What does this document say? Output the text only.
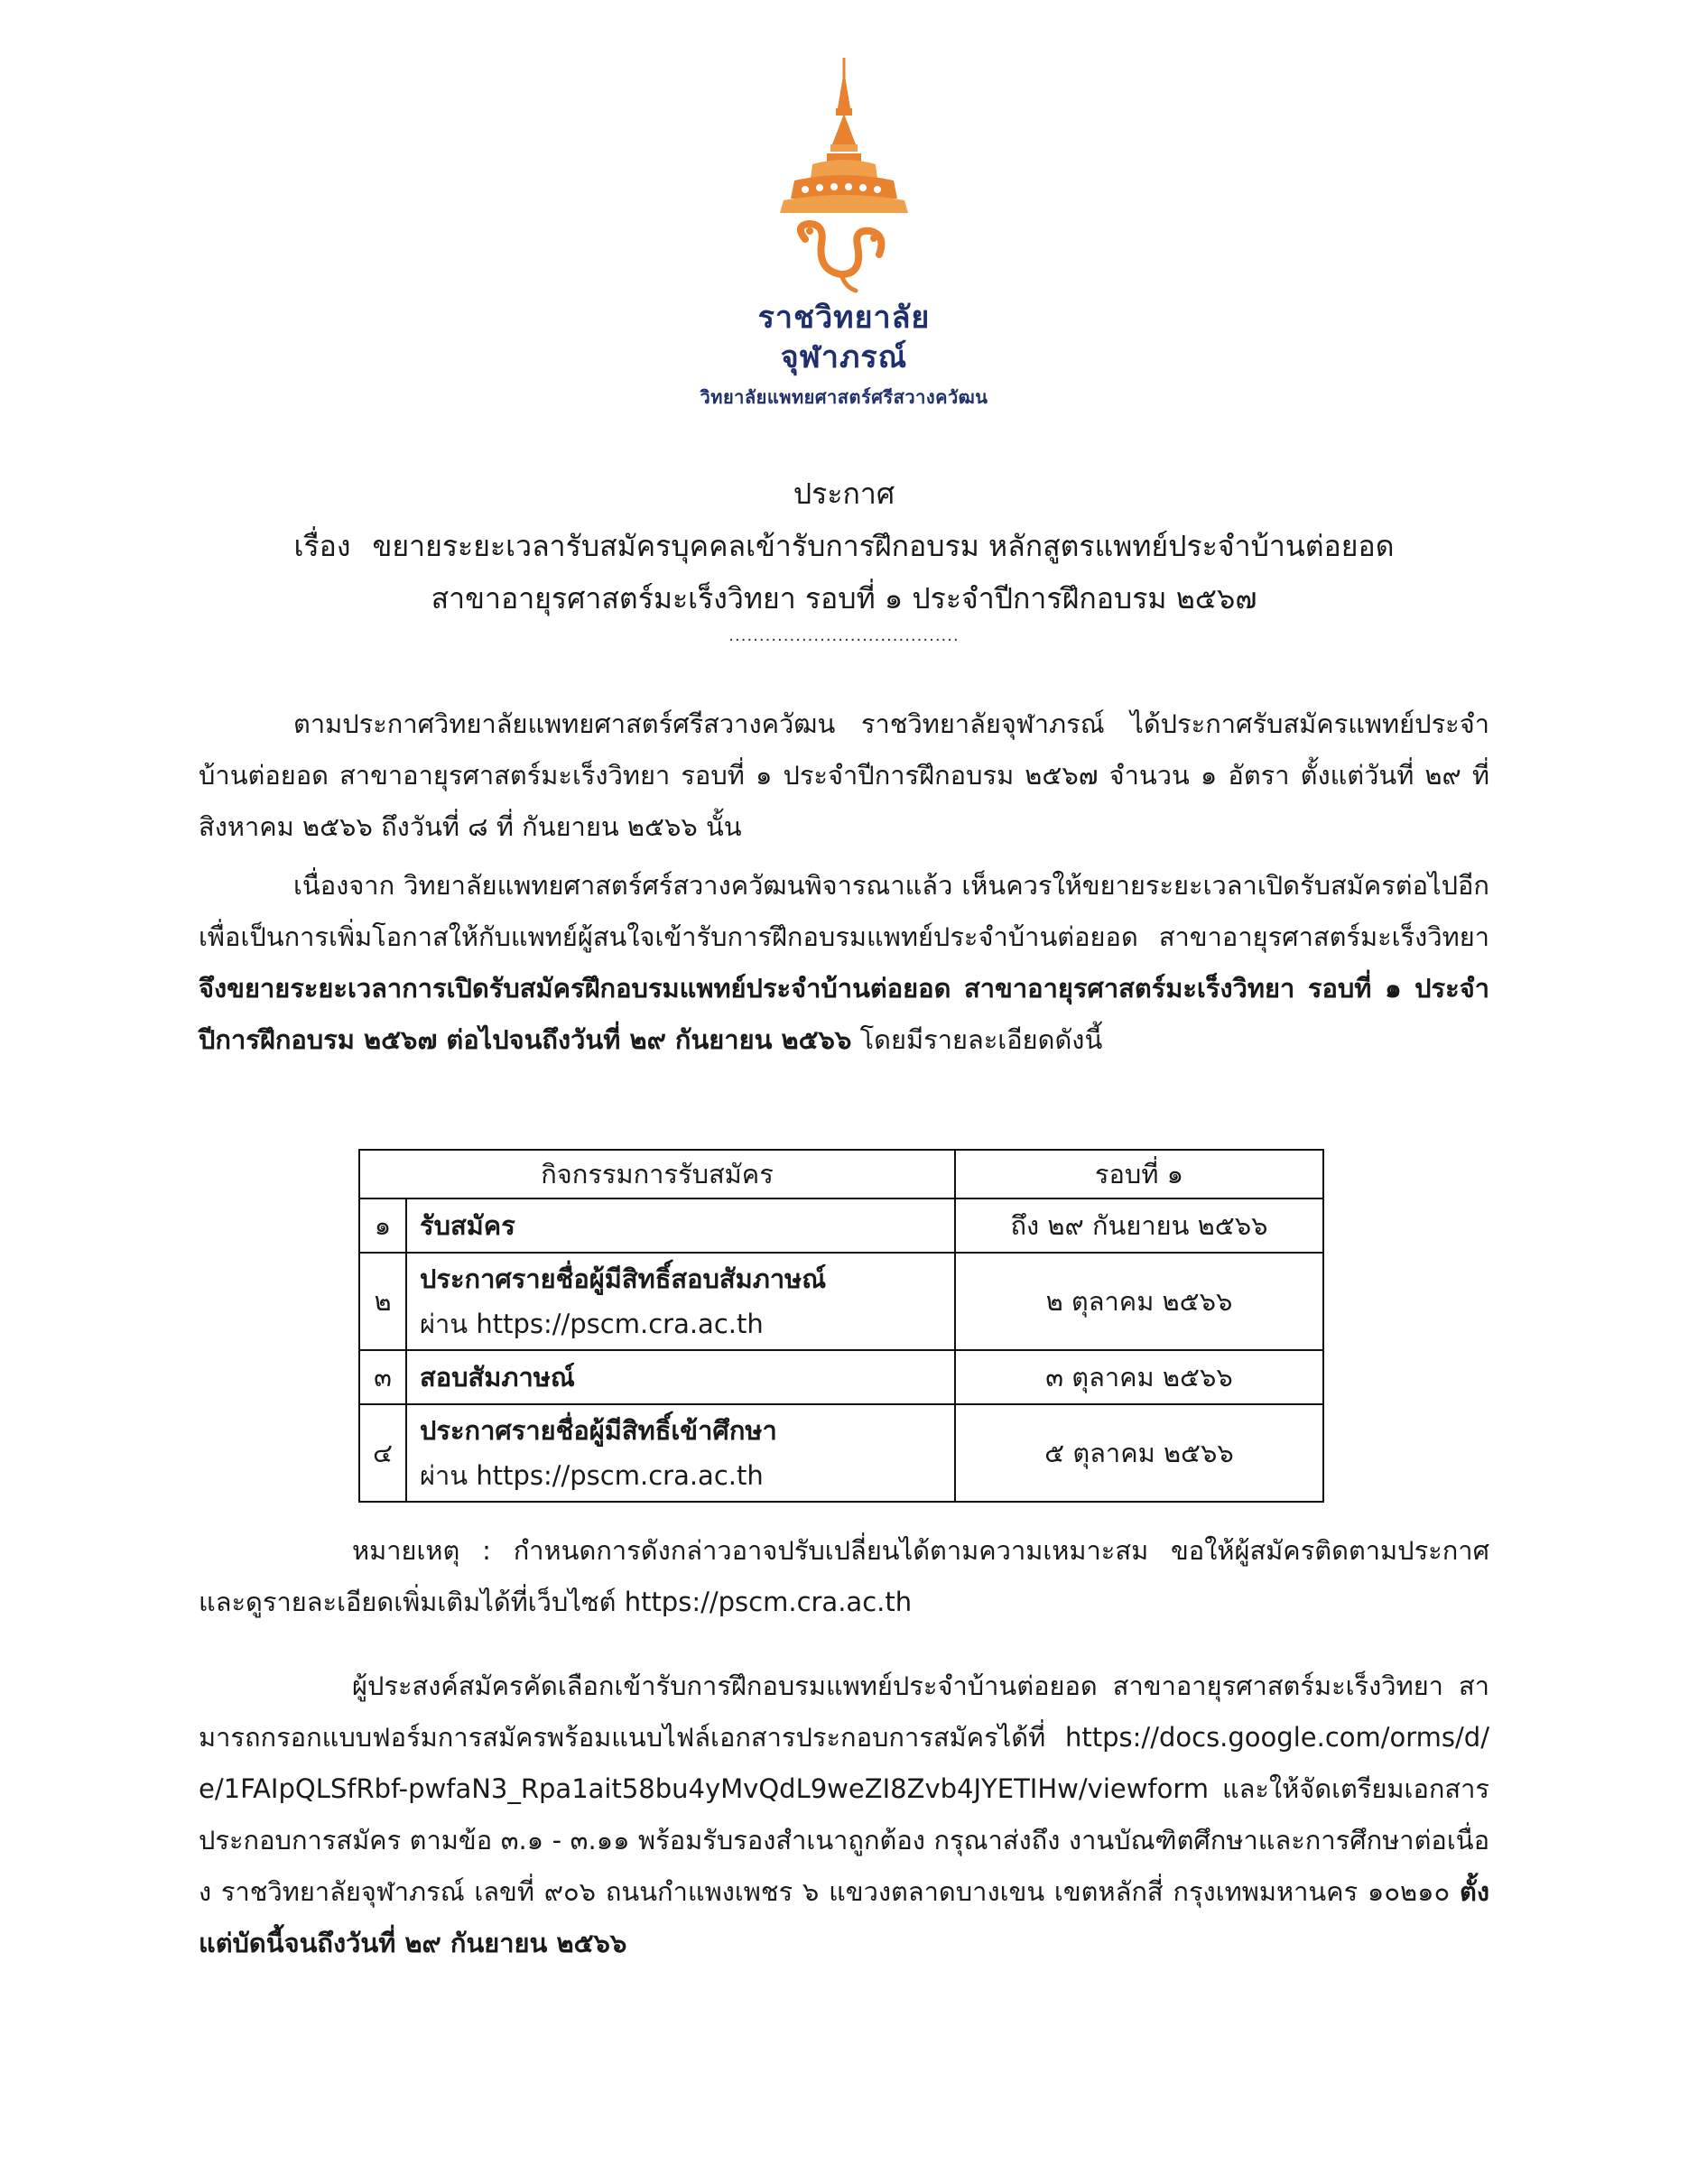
ราชวิทยาลัย
จุฬาภรณ์
วิทยาลัยแพทยศาสตร์ศรีสวางควัฒน
ประกาศ
เรื่อง ขยายระยะเวลารับสมัครบุคคลเข้ารับการฝึกอบรม หลักสูตรแพทย์ประจำบ้านต่อยอด
สาขาอายุรศาสตร์มะเร็งวิทยา รอบที่ ๑ ประจำปีการฝึกอบรม ๒๕๖๗
......................................
ตามประกาศวิทยาลัยแพทยศาสตร์ศรีสวางควัฒน ราชวิทยาลัยจุฬาภรณ์ ได้ประกาศรับสมัครแพทย์ประจำบ้านต่อยอด สาขาอายุรศาสตร์มะเร็งวิทยา รอบที่ ๑ ประจำปีการฝึกอบรม ๒๕๖๗ จำนวน ๑ อัตรา ตั้งแต่วันที่ ๒๙ ที่ สิงหาคม ๒๕๖๖ ถึงวันที่ ๘ ที่ กันยายน ๒๕๖๖ นั้น
เนื่องจาก วิทยาลัยแพทยศาสตร์ศร์สวางควัฒนพิจารณาแล้ว เห็นควรให้ขยายระยะเวลาเปิดรับสมัครต่อไปอีก เพื่อเป็นการเพิ่มโอกาสให้กับแพทย์ผู้สนใจเข้ารับการฝึกอบรมแพทย์ประจำบ้านต่อยอด สาขาอายุรศาสตร์มะเร็งวิทยา จึงขยายระยะเวลาการเปิดรับสมัครฝึกอบรมแพทย์ประจำบ้านต่อยอด สาขาอายุรศาสตร์มะเร็งวิทยา รอบที่ ๑ ประจำปีการฝึกอบรม ๒๕๖๗ ต่อไปจนถึงวันที่ ๒๙ กันยายน ๒๕๖๖ โดยมีรายละเอียดดังนี้
กิจกรรมการรับสมัคร		รอบที่ ๑
๑	รับสมัคร	ถึง ๒๙ กันยายน ๒๕๖๖
๒	ประกาศรายชื่อผู้มีสิทธิ์สอบสัมภาษณ์
ผ่าน https://pscm.cra.ac.th	๒ ตุลาคม ๒๕๖๖
๓	สอบสัมภาษณ์	๓ ตุลาคม ๒๕๖๖
๔	ประกาศรายชื่อผู้มีสิทธิ์เข้าศึกษา
ผ่าน https://pscm.cra.ac.th	๕ ตุลาคม ๒๕๖๖
หมายเหตุ : กำหนดการดังกล่าวอาจปรับเปลี่ยนได้ตามความเหมาะสม ขอให้ผู้สมัครติดตามประกาศและดูรายละเอียดเพิ่มเติมได้ที่เว็บไซต์ https://pscm.cra.ac.th
ผู้ประสงค์สมัครคัดเลือกเข้ารับการฝึกอบรมแพทย์ประจำบ้านต่อยอด สาขาอายุรศาสตร์มะเร็งวิทยา สามารถกรอกแบบฟอร์มการสมัครพร้อมแนบไฟล์เอกสารประกอบการสมัครได้ที่ https://docs.google.com/orms/d/e/1FAIpQLSfRbf-pwfaN3_Rpa1ait58bu4yMvQdL9weZI8Zvb4JYETIHw/viewform และให้จัดเตรียมเอกสารประกอบการสมัคร ตามข้อ ๓.๑ - ๓.๑๑ พร้อมรับรองสำเนาถูกต้อง กรุณาส่งถึง งานบัณฑิตศึกษาและการศึกษาต่อเนื่อง ราชวิทยาลัยจุฬาภรณ์ เลขที่ ๙๐๖ ถนนกำแพงเพชร ๖ แขวงตลาดบางเขน เขตหลักสี่ กรุงเทพมหานคร ๑๐๒๑๐ ตั้งแต่บัดนี้จนถึงวันที่ ๒๙ กันยายน ๒๕๖๖
